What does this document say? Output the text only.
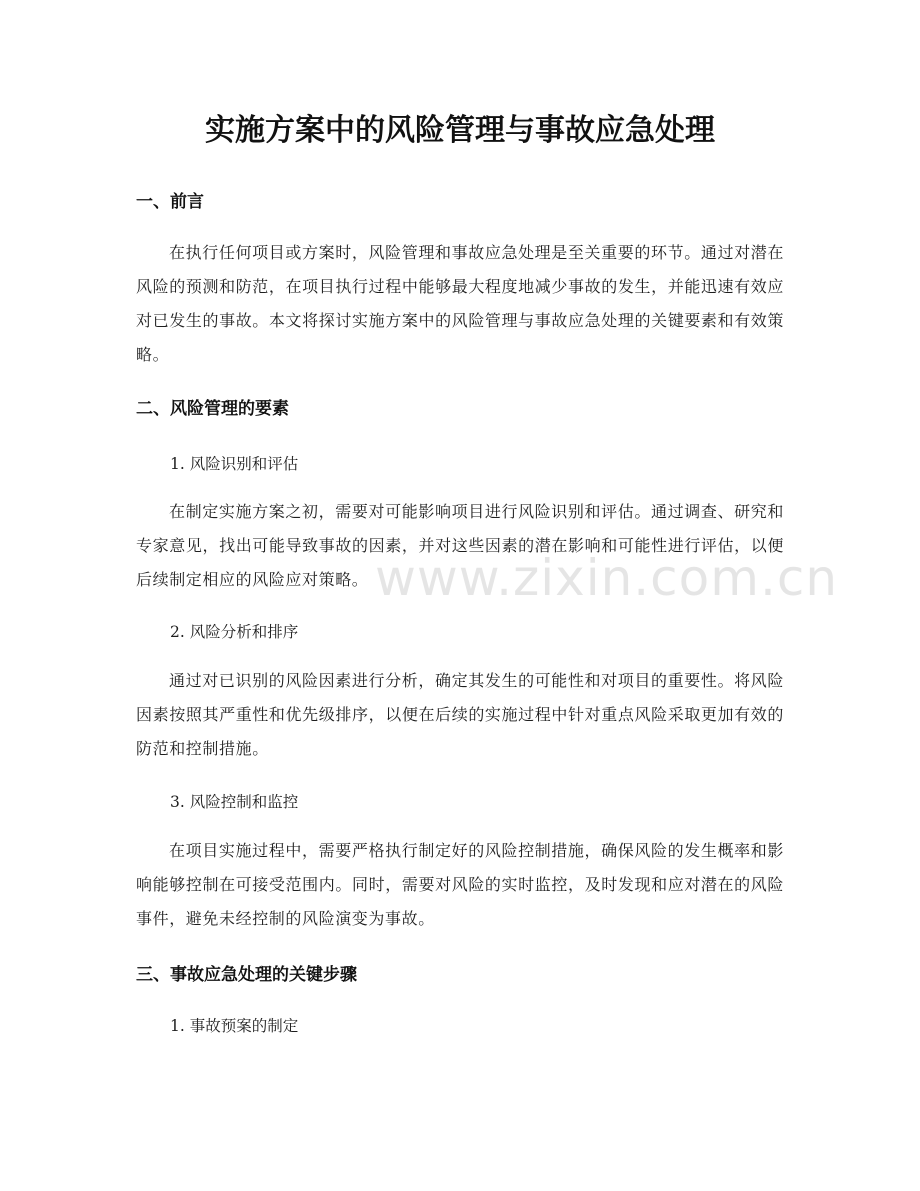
实施方案中的风险管理与事故应急处理
一、前言

在执行任何项目或方案时，风险管理和事故应急处理是至关重要的环节。通过对潜在风险的预测和防范，在项目执行过程中能够最大程度地减少事故的发生，并能迅速有效应对已发生的事故。本文将探讨实施方案中的风险管理与事故应急处理的关键要素和有效策略。

二、风险管理的要素
1. 风险识别和评估

在制定实施方案之初，需要对可能影响项目进行风险识别和评估。通过调查、研究和专家意见，找出可能导致事故的因素，并对这些因素的潜在影响和可能性进行评估，以便后续制定相应的风险应对策略。

2. 风险分析和排序

通过对已识别的风险因素进行分析，确定其发生的可能性和对项目的重要性。将风险因素按照其严重性和优先级排序，以便在后续的实施过程中针对重点风险采取更加有效的防范和控制措施。

3. 风险控制和监控

在项目实施过程中，需要严格执行制定好的风险控制措施，确保风险的发生概率和影响能够控制在可接受范围内。同时，需要对风险的实时监控，及时发现和应对潜在的风险事件，避免未经控制的风险演变为事故。

三、事故应急处理的关键步骤
1. 事故预案的制定
www.zixin.com.cn
